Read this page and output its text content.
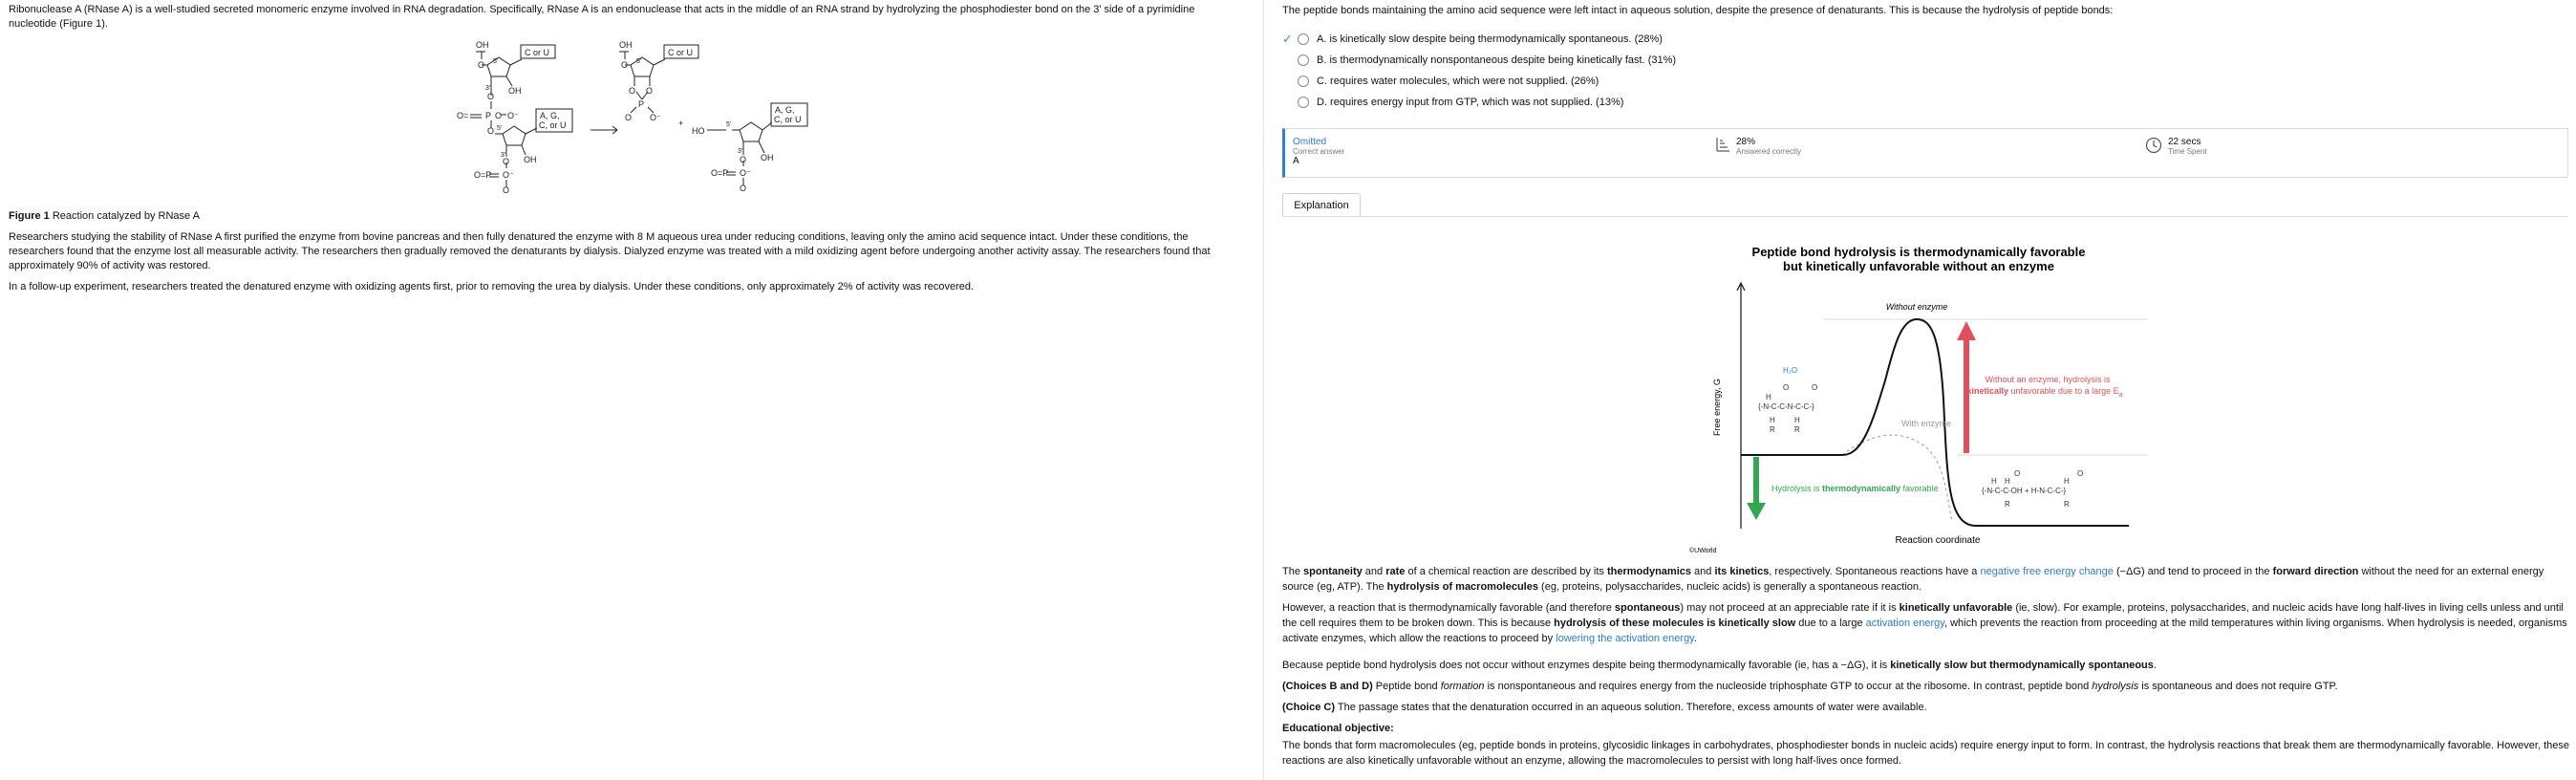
Ribonuclease A (RNase A) is a well-studied secreted monomeric enzyme involved in RNA degradation. Specifically, RNase A is an endonuclease that acts in the middle of an RNA strand by hydrolyzing the phosphodiester bond on the 3' side of a pyrimidine nucleotide (Figure 1).

OH
O 5'
C or U
3'
O
OH
O= P O O⁻
O 5'
A, G,
C, or U
3'
O OH
O=P O⁻
O
OH
O 5'
C or U
O O
P
O O⁻
+
HO
5'
A, G,
C, or U
3'
O OH
O=P O⁻
O

Figure 1 Reaction catalyzed by RNase A

Researchers studying the stability of RNase A first purified the enzyme from bovine pancreas and then fully denatured the enzyme with 8 M aqueous urea under reducing conditions, leaving only the amino acid sequence intact. Under these conditions, the researchers found that the enzyme lost all measurable activity. The researchers then gradually removed the denaturants by dialysis. Dialyzed enzyme was treated with a mild oxidizing agent before undergoing another activity assay. The researchers found that approximately 90% of activity was restored.

In a follow-up experiment, researchers treated the denatured enzyme with oxidizing agents first, prior to removing the urea by dialysis. Under these conditions, only approximately 2% of activity was recovered.

The peptide bonds maintaining the amino acid sequence were left intact in aqueous solution, despite the presence of denaturants. This is because the hydrolysis of peptide bonds:
✓ A. is kinetically slow despite being thermodynamically spontaneous. (28%)
B. is thermodynamically nonspontaneous despite being kinetically fast. (31%)
C. requires water molecules, which were not supplied. (26%)
D. requires energy input from GTP, which was not supplied. (13%)
Omitted
Correct answer
A
28%
Answered correctly
22 secs
Time Spent
Explanation
Peptide bond hydrolysis is thermodynamically favorable
but kinetically unfavorable without an enzyme
Free energy, G
Reaction coordinate
Without enzyme
With enzyme
Without an enzyme, hydrolysis is
kinetically unfavorable due to a large $E_a$
Hydrolysis is thermodynamically favorable
H₂O
{-N-C-C-N-C-C-}
H
O	O
H	H
R	R
{-N-C-C-OH + H-N-C-C-}
H H
O	O
H
R	R
©UWorld

The spontaneity and rate of a chemical reaction are described by its thermodynamics and its kinetics, respectively. Spontaneous reactions have a negative free energy change (−ΔG) and tend to proceed in the forward direction without the need for an external energy source (eg, ATP). The hydrolysis of macromolecules (eg, proteins, polysaccharides, nucleic acids) is generally a spontaneous reaction.

However, a reaction that is thermodynamically favorable (and therefore spontaneous) may not proceed at an appreciable rate if it is kinetically unfavorable (ie, slow). For example, proteins, polysaccharides, and nucleic acids have long half-lives in living cells unless and until the cell requires them to be broken down. This is because hydrolysis of these molecules is kinetically slow due to a large activation energy, which prevents the reaction from proceeding at the mild temperatures within living organisms. When hydrolysis is needed, organisms activate enzymes, which allow the reactions to proceed by lowering the activation energy.

Because peptide bond hydrolysis does not occur without enzymes despite being thermodynamically favorable (ie, has a −ΔG), it is kinetically slow but thermodynamically spontaneous.

(Choices B and D) Peptide bond formation is nonspontaneous and requires energy from the nucleoside triphosphate GTP to occur at the ribosome. In contrast, peptide bond hydrolysis is spontaneous and does not require GTP.

(Choice C) The passage states that the denaturation occurred in an aqueous solution. Therefore, excess amounts of water were available.

Educational objective:

The bonds that form macromolecules (eg, peptide bonds in proteins, glycosidic linkages in carbohydrates, phosphodiester bonds in nucleic acids) require energy input to form. In contrast, the hydrolysis reactions that break them are thermodynamically favorable. However, these reactions are also kinetically unfavorable without an enzyme, allowing the macromolecules to persist with long half-lives once formed.
